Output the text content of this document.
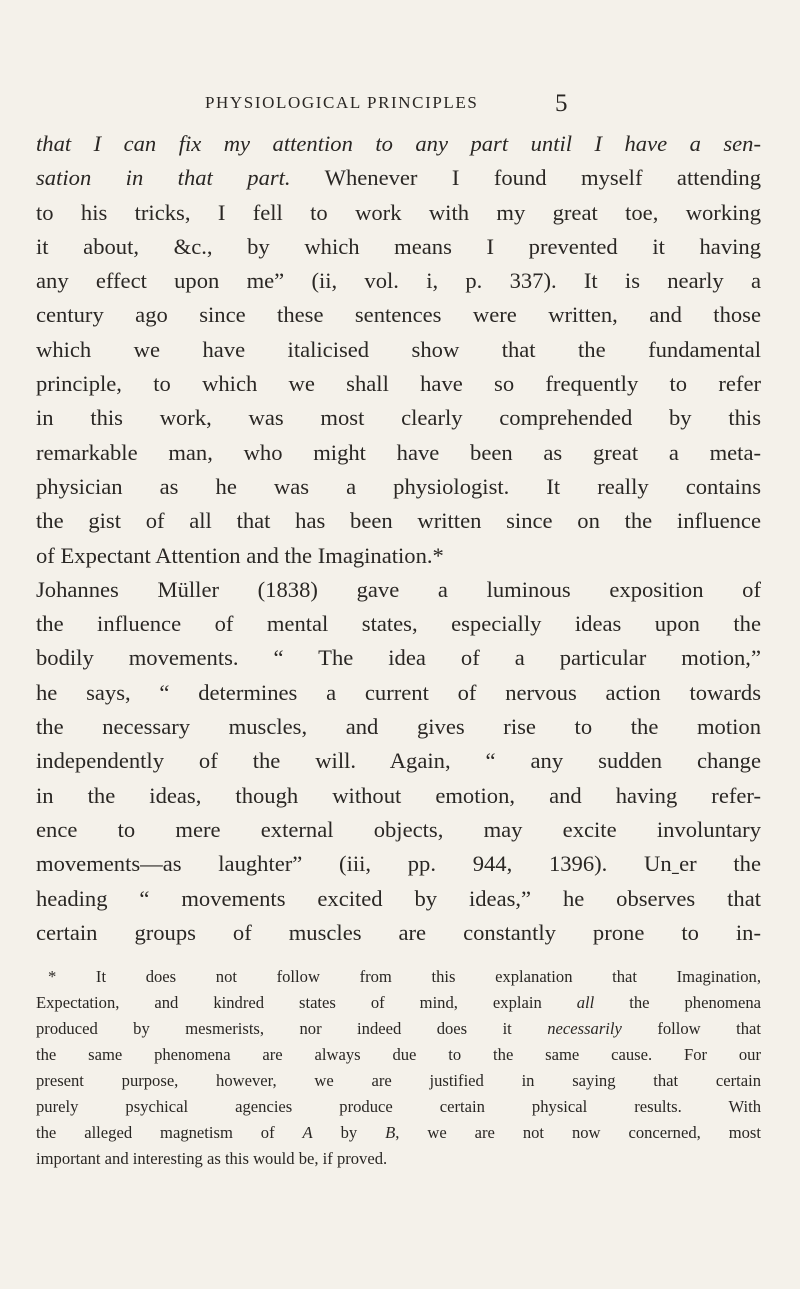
PHYSIOLOGICAL PRINCIPLES	5
that I can fix my attention to any part until I have a sen-
sation in that part. Whenever I found myself attending
to his tricks, I fell to work with my great toe, working
it about, &c., by which means I prevented it having
any effect upon me” (ii, vol. i, p. 337). It is nearly a
century ago since these sentences were written, and those
which we have italicised show that the fundamental
principle, to which we shall have so frequently to refer
in this work, was most clearly comprehended by this
remarkable man, who might have been as great a meta-
physician as he was a physiologist. It really contains
the gist of all that has been written since on the influence
of Expectant Attention and the Imagination.*
Johannes Müller (1838) gave a luminous exposition of
the influence of mental states, especially ideas upon the
bodily movements. “ The idea of a particular motion,”
he says, “ determines a current of nervous action towards
the necessary muscles, and gives rise to the motion
independently of the will. Again, “ any sudden change
in the ideas, though without emotion, and having refer-
ence to mere external objects, may excite involuntary
movements—as laughter” (iii, pp. 944, 1396). Unˍer the
heading “ movements excited by ideas,” he observes that
certain groups of muscles are constantly prone to in-
* It does not follow from this explanation that Imagination,
Expectation, and kindred states of mind, explain all the phenomena
produced by mesmerists, nor indeed does it necessarily follow that
the same phenomena are always due to the same cause. For our
present purpose, however, we are justified in saying that certain
purely psychical agencies produce certain physical results. With
the alleged magnetism of A by B, we are not now concerned, most
important and interesting as this would be, if proved.
